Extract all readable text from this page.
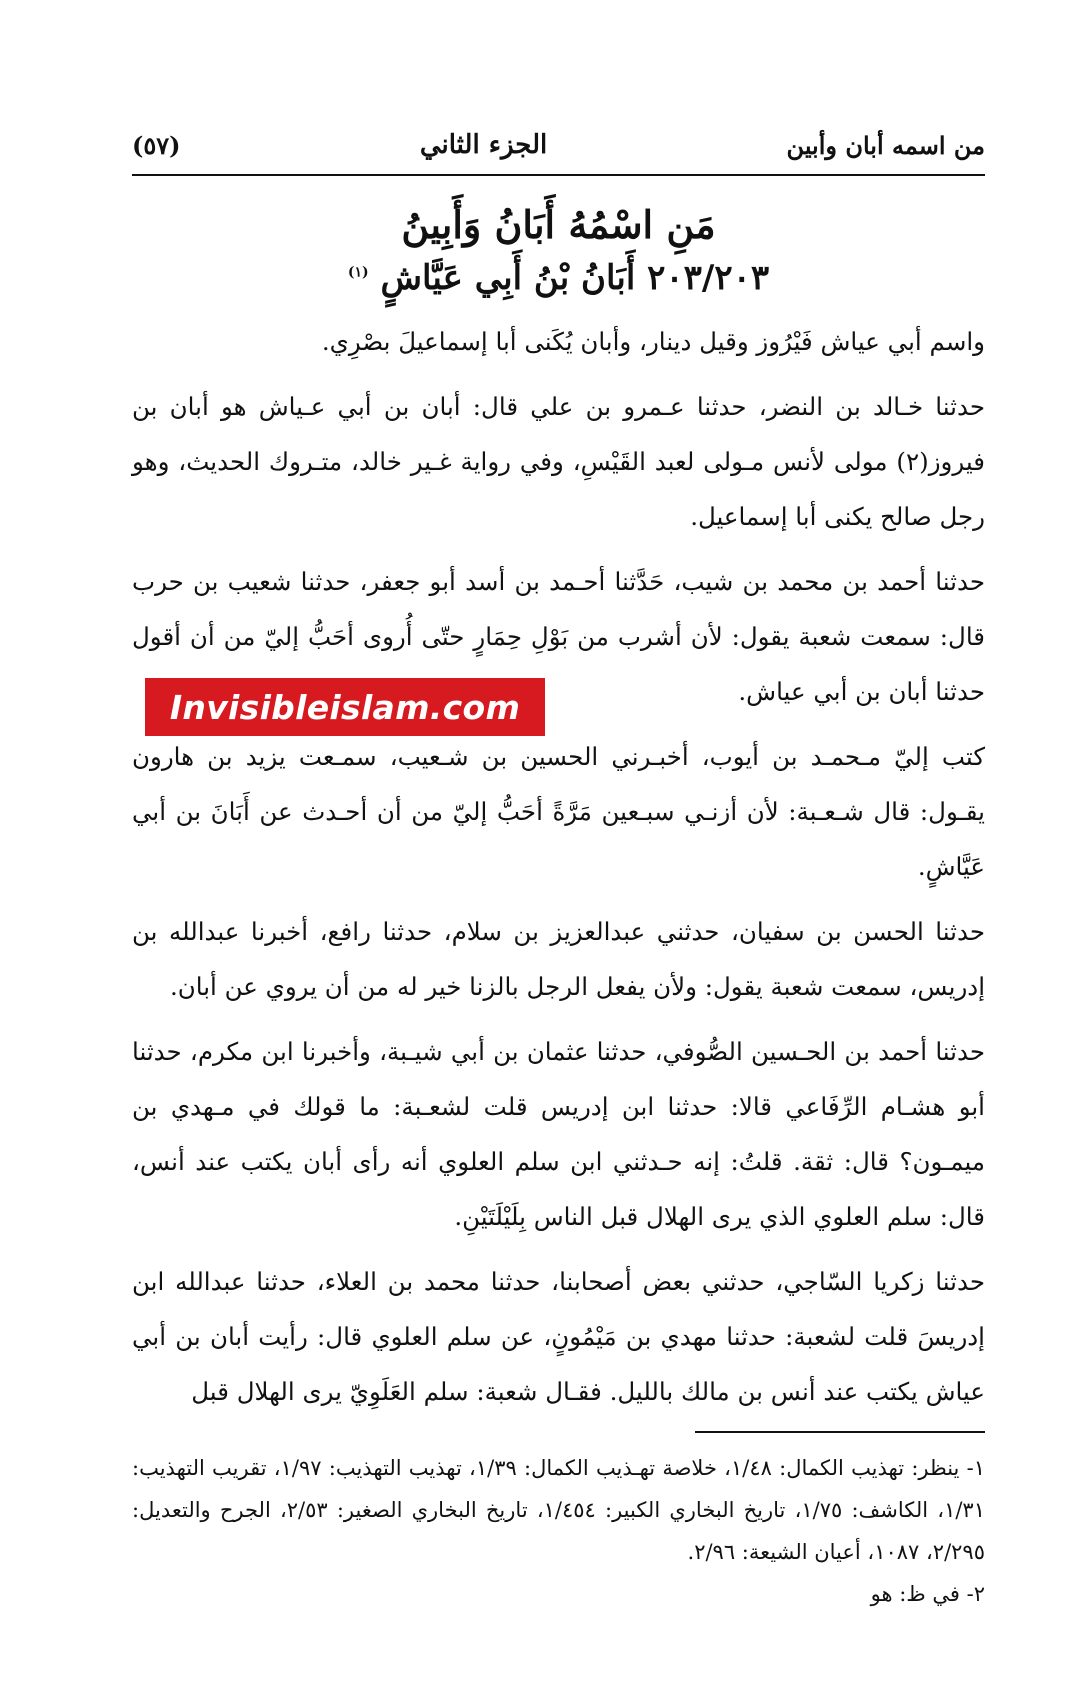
من اسمه أبان وأبين
الجزء الثاني
(٥٧)

مَنِ اسْمُهُ أَبَانُ وَأَبِينُ

٢٠٣/٢٠٣ أَبَانُ بْنُ أَبِي عَيَّاشٍ $^{(١)}$

واسم أبي عياش فَيْرُوز وقيل دينار، وأبان يُكَنى أبا إسماعيلَ بصْرِي.

حدثنا خـالد بن النضر، حدثنا عـمرو بن علي قال: أبان بن أبي عـياش هو أبان بن فيروز(٢) مولى لأنس مـولى لعبد القَيْسِ، وفي رواية غـير خالد، متـروك الحديث، وهو رجل صالح يكنى أبا إسماعيل.

حدثنا أحمد بن محمد بن شيب، حَدَّثنا أحـمد بن أسد أبو جعفر، حدثنا شعيب بن حرب قال: سمعت شعبة يقول: لأن أشرب من بَوْلِ حِمَارٍ حتّى أُروى أحَبُّ إليّ من أن أقول حدثنا أبان بن أبي عياش.

كتب إليّ مـحمـد بن أيوب، أخبـرني الحسين بن شـعيب، سمـعت يزيد بن هارون يقـول: قال شـعـبة: لأن أزنـي سبـعين مَرَّةً أحَبُّ إليّ من أن أحـدث عن أَبَانَ بن أبي عَيَّاشٍ.

حدثنا الحسن بن سفيان، حدثني عبدالعزيز بن سلام، حدثنا رافع، أخبرنا عبدالله بن إدريس، سمعت شعبة يقول: ولأن يفعل الرجل بالزنا خير له من أن يروي عن أبان.

حدثنا أحمد بن الحـسين الصُّوفي، حدثنا عثمان بن أبي شيـبة، وأخبرنا ابن مكرم، حدثنا أبو هشـام الرِّفَاعي قالا: حدثنا ابن إدريس قلت لشعـبة: ما قولك في مـهدي بن ميمـون؟ قال: ثقة. قلتُ: إنه حـدثني ابن سلم العلوي أنه رأى أبان يكتب عند أنس، قال: سلم العلوي الذي يرى الهلال قبل الناس بِلَيْلَتَيْنِ.

حدثنا زكريا السّاجي، حدثني بعض أصحابنا، حدثنا محمد بن العلاء، حدثنا عبدالله ابن إدريسَ قلت لشعبة: حدثنا مهدي بن مَيْمُونٍ، عن سلم العلوي قال: رأيت أبان بن أبي عياش يكتب عند أنس بن مالك بالليل. فقـال شعبة: سلم العَلَوِيّ يرى الهلال قبل

١- ينظر: تهذيب الكمال: ١/٤٨، خلاصة تهـذيب الكمال: ١/٣٩، تهذيب التهذيب: ١/٩٧، تقريب التهذيب: ١/٣١، الكاشف: ١/٧٥، تاريخ البخاري الكبير: ١/٤٥٤، تاريخ البخاري الصغير: ٢/٥٣، الجرح والتعديل: ٢/٢٩٥، ١٠٨٧، أعيان الشيعة: ٢/٩٦.

٢- في ظ: هو

Invisibleislam.com
